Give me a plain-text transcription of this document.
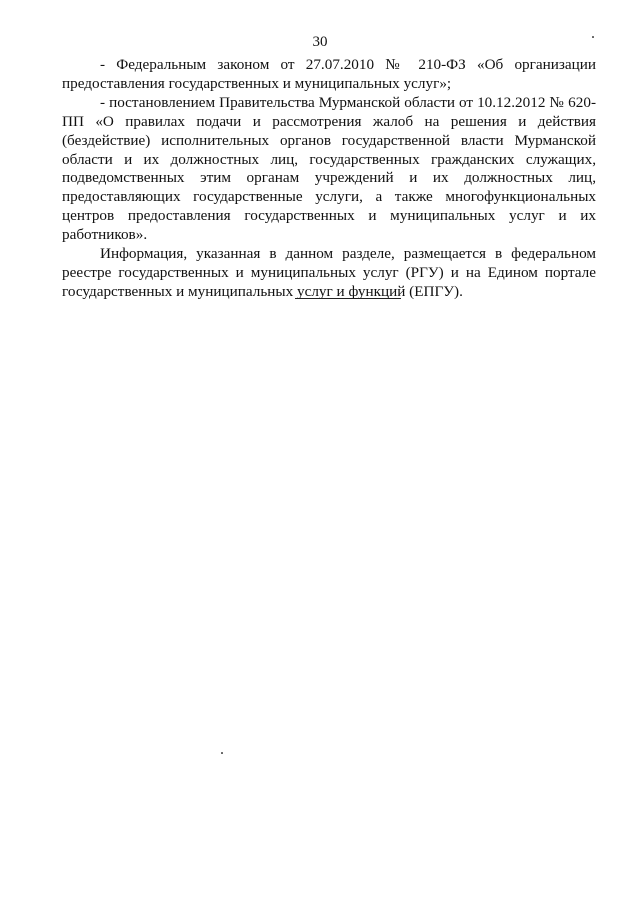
30

- Федеральным законом от 27.07.2010 № 210-ФЗ «Об организации предоставления государственных и муниципальных услуг»;

- постановлением Правительства Мурманской области от 10.12.2012 № 620-ПП «О правилах подачи и рассмотрения жалоб на решения и действия (бездействие) исполнительных органов государственной власти Мурманской области и их должностных лиц, государственных гражданских служащих, подведомственных этим органам учреждений и их должностных лиц, предоставляющих государственные услуги, а также многофункциональных центров предоставления государственных и муниципальных услуг и их работников».

Информация, указанная в данном разделе, размещается в федеральном реестре государственных и муниципальных услуг (РГУ) и на Едином портале государственных и муниципальных услуг и функций (ЕПГУ).
